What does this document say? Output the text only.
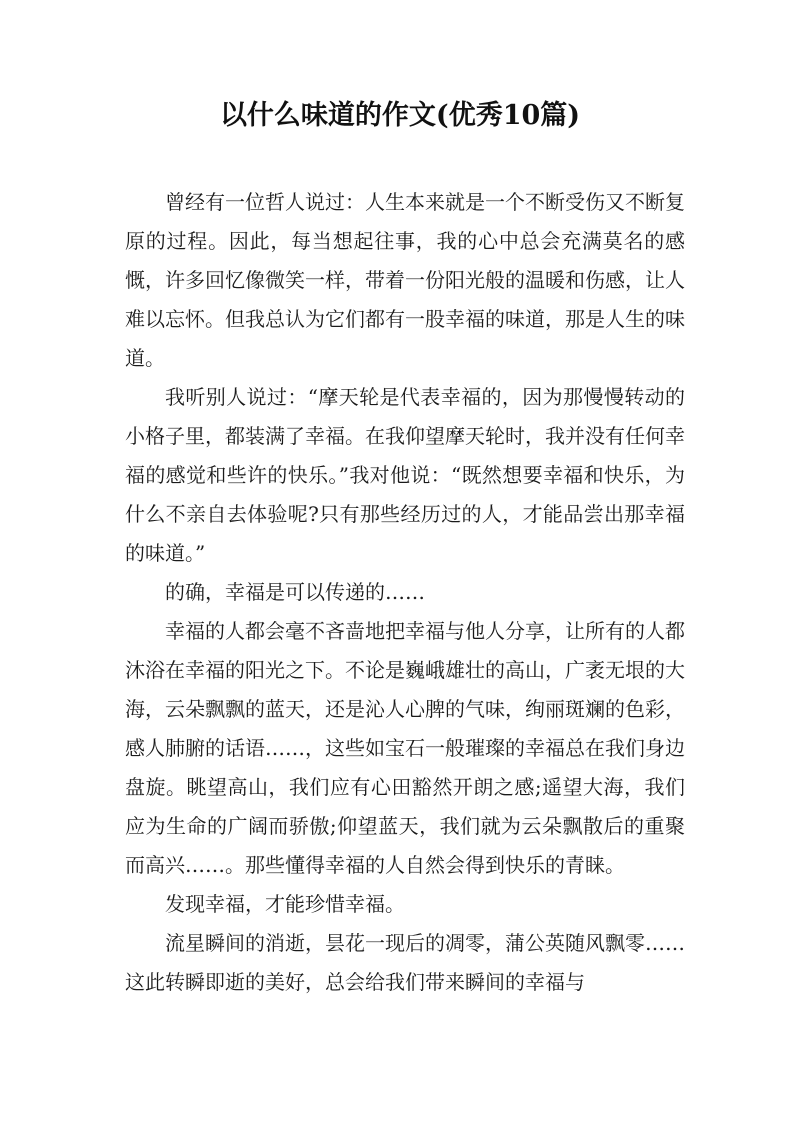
以什么味道的作文(优秀10篇)

曾经有一位哲人说过：人生本来就是一个不断受伤又不断复原的过程。因此，每当想起往事，我的心中总会充满莫名的感慨，许多回忆像微笑一样，带着一份阳光般的温暖和伤感，让人难以忘怀。但我总认为它们都有一股幸福的味道，那是人生的味道。

我听别人说过：“摩天轮是代表幸福的，因为那慢慢转动的小格子里，都装满了幸福。在我仰望摩天轮时，我并没有任何幸福的感觉和些许的快乐。”我对他说：“既然想要幸福和快乐，为什么不亲自去体验呢?只有那些经历过的人，才能品尝出那幸福的味道。”

的确，幸福是可以传递的……

幸福的人都会毫不吝啬地把幸福与他人分享，让所有的人都沐浴在幸福的阳光之下。不论是巍峨雄壮的高山，广袤无垠的大海，云朵飘飘的蓝天，还是沁人心脾的气味，绚丽斑斓的色彩，感人肺腑的话语……，这些如宝石一般璀璨的幸福总在我们身边盘旋。眺望高山，我们应有心田豁然开朗之感;遥望大海，我们应为生命的广阔而骄傲;仰望蓝天，我们就为云朵飘散后的重聚而高兴……。那些懂得幸福的人自然会得到快乐的青睐。

发现幸福，才能珍惜幸福。

流星瞬间的消逝，昙花一现后的凋零，蒲公英随风飘零……这此转瞬即逝的美好，总会给我们带来瞬间的幸福与
